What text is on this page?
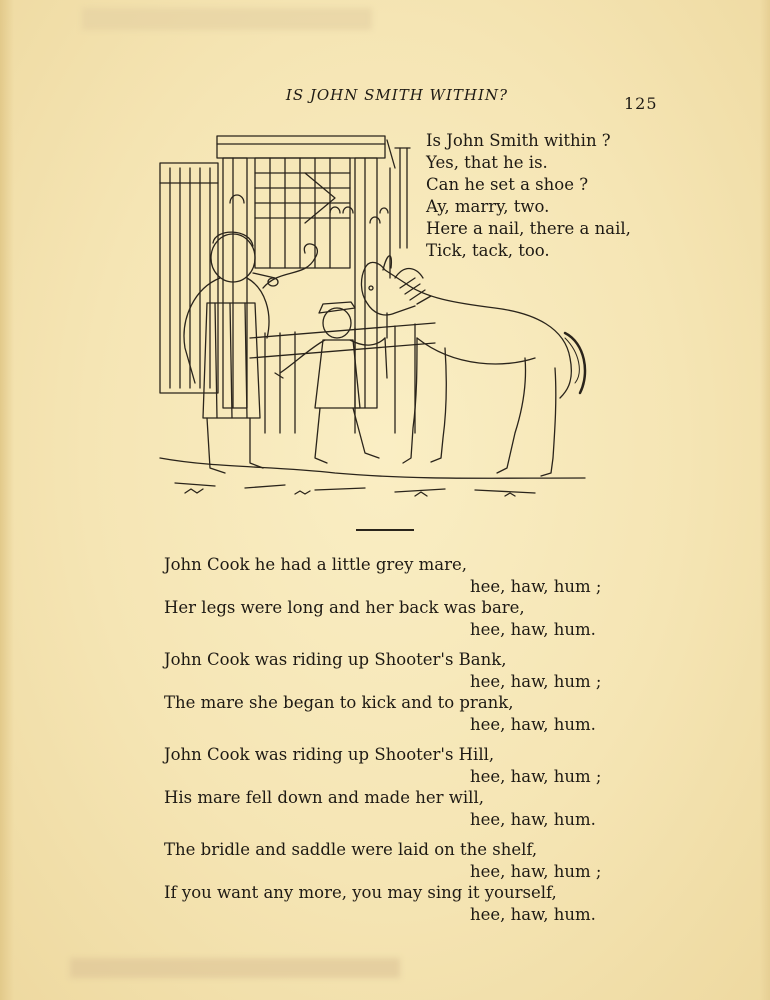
IS JOHN SMITH WITHIN?	125
Is John Smith within ?
Yes, that he is.
Can he set a shoe ?
Ay, marry, two.
Here a nail, there a nail,
Tick, tack, too.
John Cook he had a little grey mare,
hee, haw, hum ;
Her legs were long and her back was bare,
hee, haw, hum.
John Cook was riding up Shooter's Bank,
hee, haw, hum ;
The mare she began to kick and to prank,
hee, haw, hum.
John Cook was riding up Shooter's Hill,
hee, haw, hum ;
His mare fell down and made her will,
hee, haw, hum.
The bridle and saddle were laid on the shelf,
hee, haw, hum ;
If you want any more, you may sing it yourself,
hee, haw, hum.
